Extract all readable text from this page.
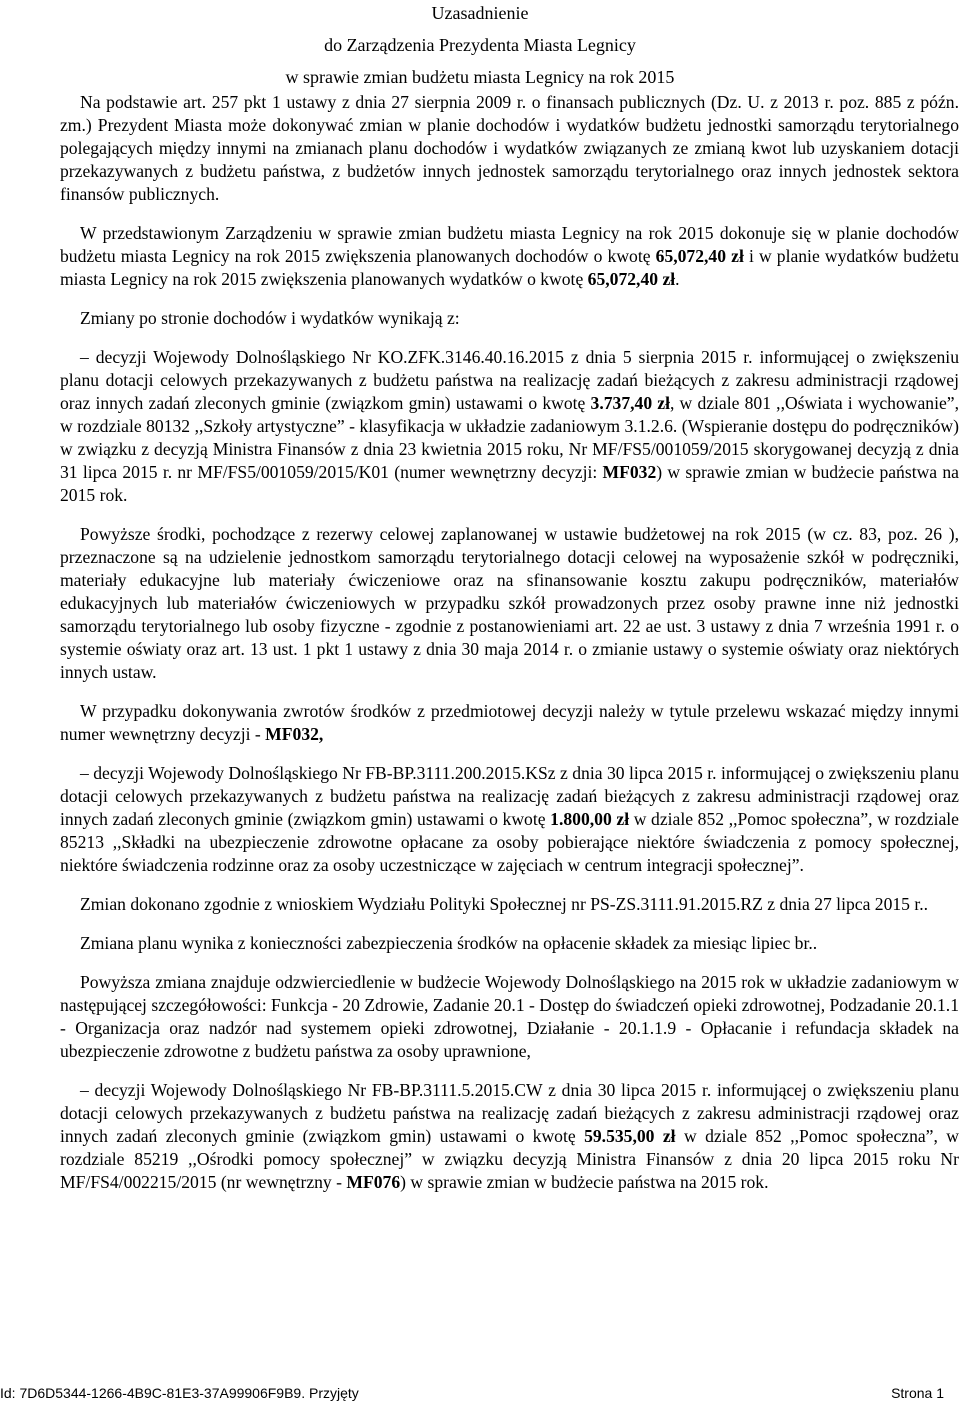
Uzasadnienie
do Zarządzenia Prezydenta Miasta Legnicy
w sprawie zmian budżetu miasta Legnicy na rok 2015

Na podstawie art. 257 pkt 1 ustawy z dnia 27 sierpnia 2009 r. o finansach publicznych (Dz. U. z 2013 r. poz. 885 z późn. zm.) Prezydent Miasta może dokonywać zmian w planie dochodów i wydatków budżetu jednostki samorządu terytorialnego polegających między innymi na zmianach planu dochodów i wydatków związanych ze zmianą kwot lub uzyskaniem dotacji przekazywanych z budżetu państwa, z budżetów innych jednostek samorządu terytorialnego oraz innych jednostek sektora finansów publicznych.

W przedstawionym Zarządzeniu w sprawie zmian budżetu miasta Legnicy na rok 2015 dokonuje się w planie dochodów budżetu miasta Legnicy na rok 2015 zwiększenia planowanych dochodów o kwotę 65,072,40 zł i w planie wydatków budżetu miasta Legnicy na rok 2015 zwiększenia planowanych wydatków o kwotę 65,072,40 zł.

Zmiany po stronie dochodów i wydatków wynikają z:

– decyzji Wojewody Dolnośląskiego Nr KO.ZFK.3146.40.16.2015 z dnia 5 sierpnia 2015 r. informującej o zwiększeniu planu dotacji celowych przekazywanych z budżetu państwa na realizację zadań bieżących z zakresu administracji rządowej oraz innych zadań zleconych gminie (związkom gmin) ustawami o kwotę 3.737,40 zł, w dziale 801 ,,Oświata i wychowanie”, w rozdziale 80132 ,,Szkoły artystyczne” - klasyfikacja w układzie zadaniowym 3.1.2.6. (Wspieranie dostępu do podręczników) w związku z decyzją Ministra Finansów z dnia 23 kwietnia 2015 roku, Nr MF/FS5/001059/2015 skorygowanej decyzją z dnia 31 lipca 2015 r. nr MF/FS5/001059/2015/K01 (numer wewnętrzny decyzji: MF032) w sprawie zmian w budżecie państwa na 2015 rok.

Powyższe środki, pochodzące z rezerwy celowej zaplanowanej w ustawie budżetowej na rok 2015 (w cz. 83, poz. 26 ), przeznaczone są na udzielenie jednostkom samorządu terytorialnego dotacji celowej na wyposażenie szkół w podręczniki, materiały edukacyjne lub materiały ćwiczeniowe oraz na sfinansowanie kosztu zakupu podręczników, materiałów edukacyjnych lub materiałów ćwiczeniowych w przypadku szkół prowadzonych przez osoby prawne inne niż jednostki samorządu terytorialnego lub osoby fizyczne - zgodnie z postanowieniami art. 22 ae ust. 3 ustawy z dnia 7 września 1991 r. o systemie oświaty oraz art. 13 ust. 1 pkt 1 ustawy z dnia 30 maja 2014 r. o zmianie ustawy o systemie oświaty oraz niektórych innych ustaw.

W przypadku dokonywania zwrotów środków z przedmiotowej decyzji należy w tytule przelewu wskazać między innymi numer wewnętrzny decyzji - MF032,

– decyzji Wojewody Dolnośląskiego Nr FB-BP.3111.200.2015.KSz z dnia 30 lipca 2015 r. informującej o zwiększeniu planu dotacji celowych przekazywanych z budżetu państwa na realizację zadań bieżących z zakresu administracji rządowej oraz innych zadań zleconych gminie (związkom gmin) ustawami o kwotę 1.800,00 zł w dziale 852 ,,Pomoc społeczna”, w rozdziale 85213 ,,Składki na ubezpieczenie zdrowotne opłacane za osoby pobierające niektóre świadczenia z pomocy społecznej, niektóre świadczenia rodzinne oraz za osoby uczestniczące w zajęciach w centrum integracji społecznej”.

Zmian dokonano zgodnie z wnioskiem Wydziału Polityki Społecznej nr PS-ZS.3111.91.2015.RZ z dnia 27 lipca 2015 r..

Zmiana planu wynika z konieczności zabezpieczenia środków na opłacenie składek za miesiąc lipiec br..

Powyższa zmiana znajduje odzwierciedlenie w budżecie Wojewody Dolnośląskiego na 2015 rok w układzie zadaniowym w następującej szczegółowości: Funkcja - 20 Zdrowie, Zadanie 20.1 - Dostęp do świadczeń opieki zdrowotnej, Podzadanie 20.1.1 - Organizacja oraz nadzór nad systemem opieki zdrowotnej, Działanie - 20.1.1.9 - Opłacanie i refundacja składek na ubezpieczenie zdrowotne z budżetu państwa za osoby uprawnione,

– decyzji Wojewody Dolnośląskiego Nr FB-BP.3111.5.2015.CW z dnia 30 lipca 2015 r. informującej o zwiększeniu planu dotacji celowych przekazywanych z budżetu państwa na realizację zadań bieżących z zakresu administracji rządowej oraz innych zadań zleconych gminie (związkom gmin) ustawami o kwotę 59.535,00 zł w dziale 852 ,,Pomoc społeczna”, w rozdziale 85219 ,,Ośrodki pomocy społecznej” w związku decyzją Ministra Finansów z dnia 20 lipca 2015 roku Nr MF/FS4/002215/2015 (nr wewnętrzny - MF076) w sprawie zmian w budżecie państwa na 2015 rok.

Id: 7D6D5344-1266-4B9C-81E3-37A99906F9B9. Przyjęty	Strona 1
